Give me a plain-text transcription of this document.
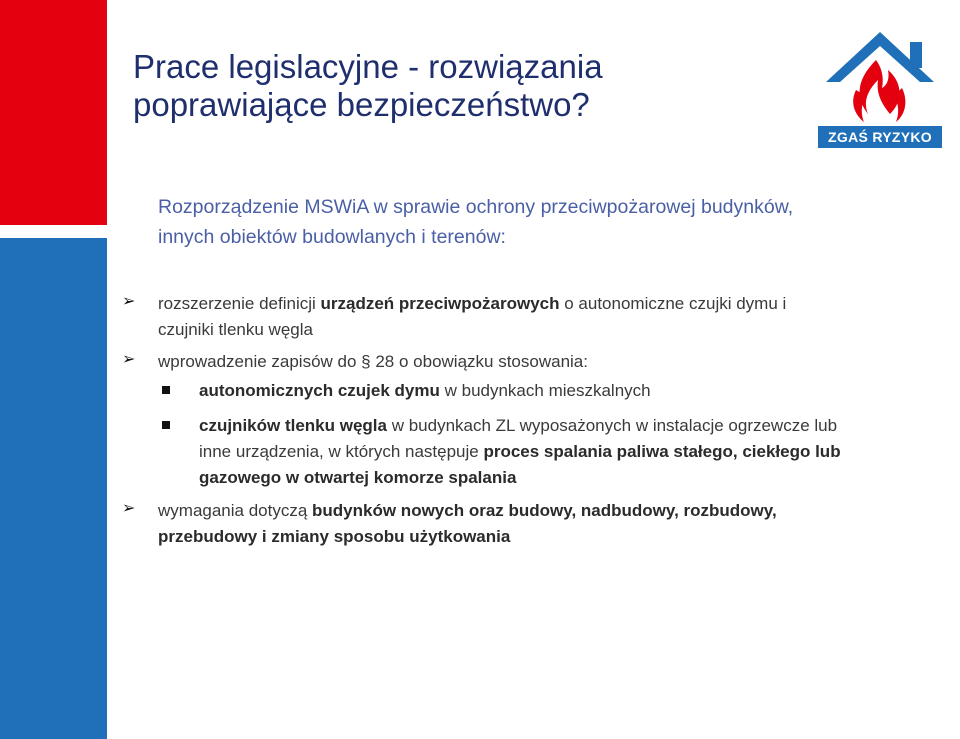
Prace legislacyjne - rozwiązania
poprawiające bezpieczeństwo?
ZGAŚ RYZYKO
Rozporządzenie MSWiA w sprawie ochrony przeciwpożarowej budynków,
innych obiektów budowlanych i terenów:
➢ rozszerzenie definicji urządzeń przeciwpożarowych o autonomiczne czujki dymu i
czujniki tlenku węgla
➢ wprowadzenie zapisów do § 28 o obowiązku stosowania:
autonomicznych czujek dymu w budynkach mieszkalnych
czujników tlenku węgla w budynkach ZL wyposażonych w instalacje ogrzewcze lub
inne urządzenia, w których następuje proces spalania paliwa stałego, ciekłego lub
gazowego w otwartej komorze spalania
➢ wymagania dotyczą budynków nowych oraz budowy, nadbudowy, rozbudowy,
przebudowy i zmiany sposobu użytkowania
